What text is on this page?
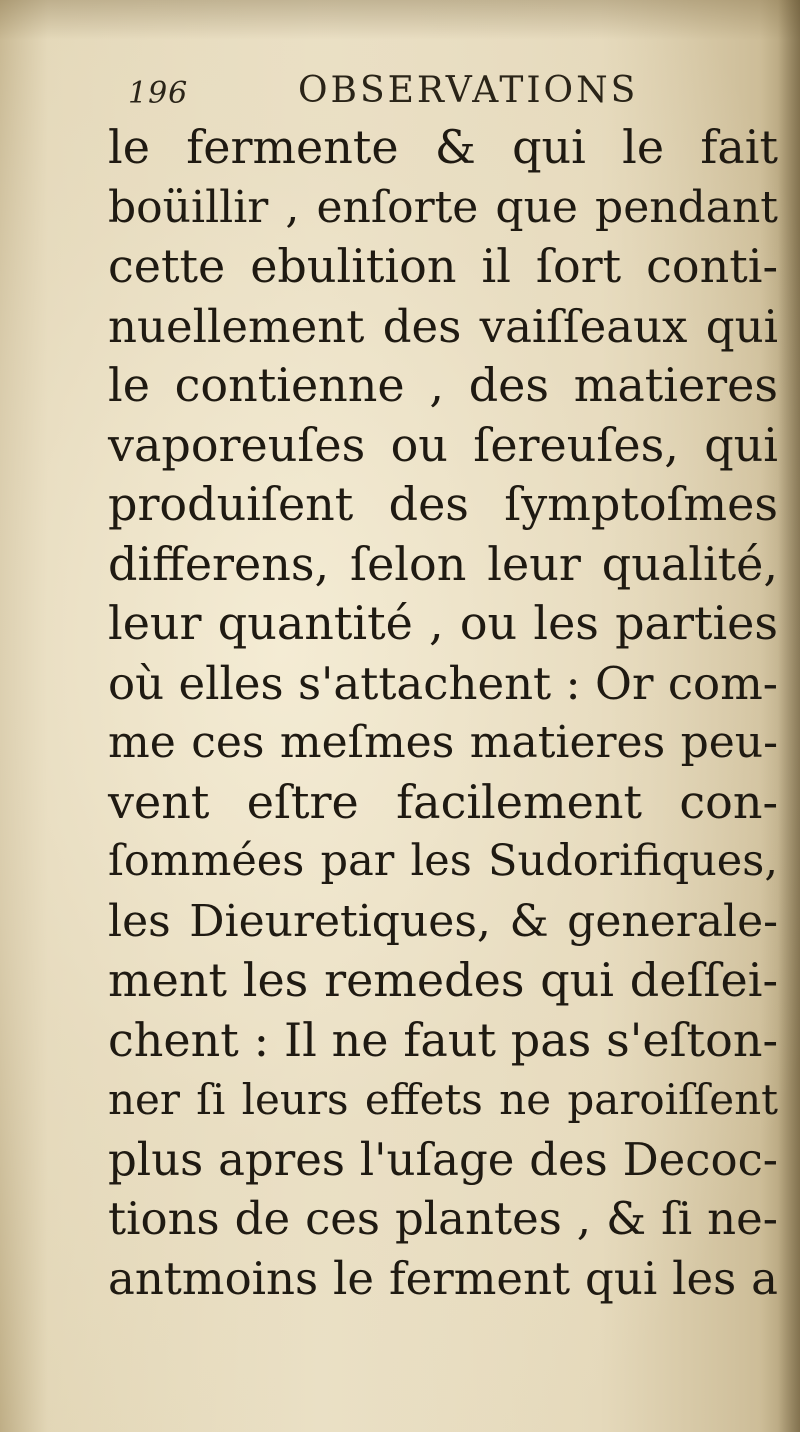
196	OBSERVATIONS
le fermente & qui le fait
boüillir , enſorte que pendant
cette ebulition il ſort conti-
nuellement des vaiſſeaux qui
le contienne , des matieres
vaporeuſes ou ſereuſes, qui
produiſent des ſymptoſmes
differens, ſelon leur qualité,
leur quantité , ou les parties
où elles s'attachent : Or com-
me ces meſmes matieres peu-
vent eſtre facilement con-
ſommées par les Sudorifiques,
les Dieuretiques, & generale-
ment les remedes qui deſſei-
chent : Il ne faut pas s'eſton-
ner ſi leurs effets ne paroiſſent
plus apres l'uſage des Decoc-
tions de ces plantes , & ſi ne-
antmoins le ferment qui les a
